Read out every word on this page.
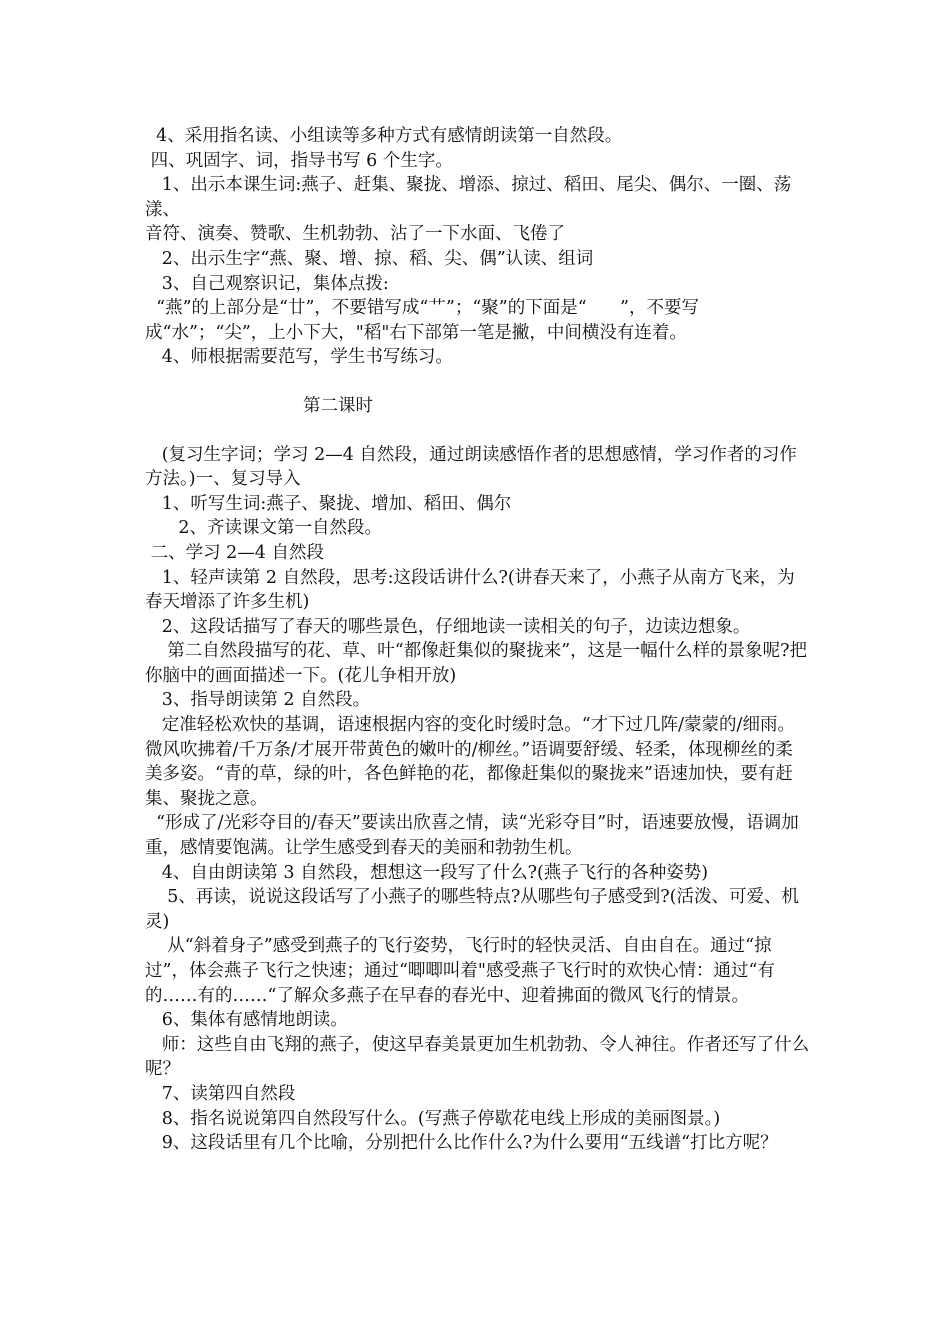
4、采用指名读、小组读等多种方式有感情朗读第一自然段。

四、巩固字、词，指导书写 6 个生字。

1、出示本课生词:燕子、赶集、聚拢、增添、掠过、稻田、尾尖、偶尔、一圈、荡漾、

音符、演奏、赞歌、生机勃勃、沾了一下水面、飞倦了

2、出示生字“燕、聚、增、掠、稻、尖、偶”认读、组词

3、自己观察识记，集体点拨:

“燕”的上部分是“廿”，不要错写成“艹”；“聚”的下面是“      ”，不要写成“水”；“尖”，上小下大，"稻"右下部第一笔是撇，中间横没有连着。

4、师根据需要范写，学生书写练习。

第二课时

(复习生字词；学习 2—4 自然段，通过朗读感悟作者的思想感情，学习作者的习作方法。)一、复习导入

1、听写生词:燕子、聚拢、增加、稻田、偶尔

2、齐读课文第一自然段。

二、学习 2—4 自然段

1、轻声读第 2 自然段，思考:这段话讲什么?(讲春天来了，小燕子从南方飞来，为春天增添了许多生机)

2、这段话描写了春天的哪些景色，仔细地读一读相关的句子，边读边想象。

第二自然段描写的花、草、叶“都像赶集似的聚拢来”，这是一幅什么样的景象呢?把你脑中的画面描述一下。(花儿争相开放)

3、指导朗读第 2 自然段。

定准轻松欢快的基调，语速根据内容的变化时缓时急。“才下过几阵/蒙蒙的/细雨。微风吹拂着/千万条/才展开带黄色的嫩叶的/柳丝。”语调要舒缓、轻柔，体现柳丝的柔美多姿。“青的草，绿的叶，各色鲜艳的花，都像赶集似的聚拢来”语速加快，要有赶集、聚拢之意。

“形成了/光彩夺目的/春天”要读出欣喜之情，读“光彩夺目”时，语速要放慢，语调加重，感情要饱满。让学生感受到春天的美丽和勃勃生机。

4、自由朗读第 3 自然段，想想这一段写了什么?(燕子飞行的各种姿势)

5、再读，说说这段话写了小燕子的哪些特点?从哪些句子感受到?(活泼、可爱、机灵)

从“斜着身子”感受到燕子的飞行姿势，飞行时的轻快灵活、自由自在。通过“掠过”，体会燕子飞行之快速；通过“唧唧叫着"感受燕子飞行时的欢快心情：通过“有的……有的……“了解众多燕子在早春的春光中、迎着拂面的微风飞行的情景。

6、集体有感情地朗读。

师：这些自由飞翔的燕子，使这早春美景更加生机勃勃、令人神往。作者还写了什么呢？

7、读第四自然段

8、指名说说第四自然段写什么。(写燕子停歇花电线上形成的美丽图景。)

9、这段话里有几个比喻，分别把什么比作什么?为什么要用“五线谱“打比方呢？
